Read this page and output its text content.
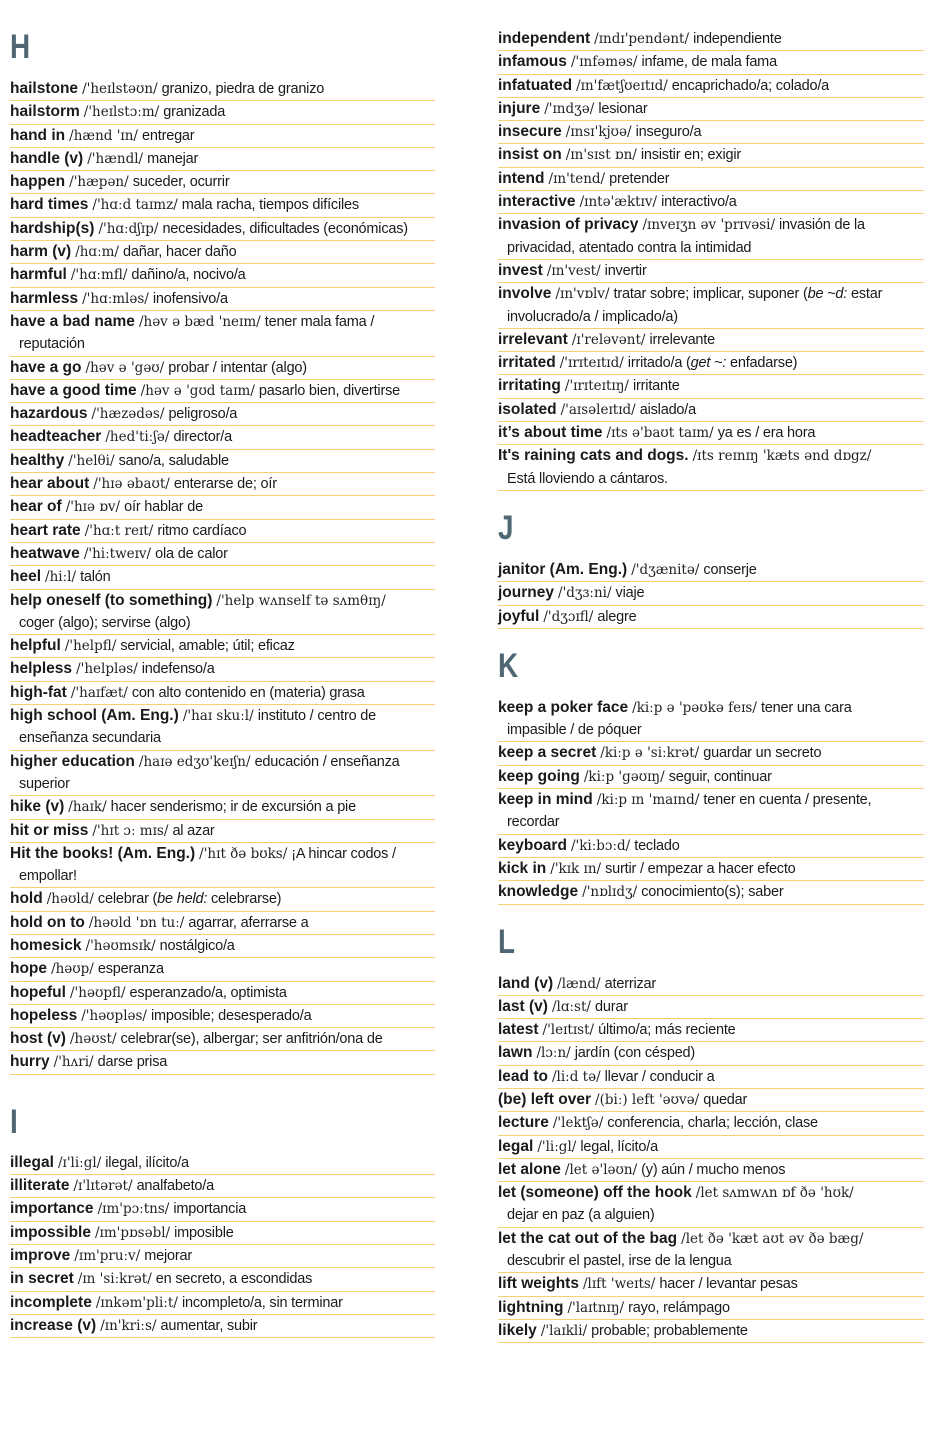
H
hailstone /'heɪlstəʊn/ granizo, piedra de granizo
hailstorm /'heɪlstɔːm/ granizada
hand in /hænd 'ɪn/ entregar
handle (v) /'hændl/ manejar
happen /'hæpən/ suceder, ocurrir
hard times /'hɑːd taɪmz/ mala racha, tiempos difíciles
hardship(s) /'hɑːdʃɪp/ necesidades, dificultades (económicas)
harm (v) /hɑːm/ dañar, hacer daño
harmful /'hɑːmfl/ dañino/a, nocivo/a
harmless /'hɑːmləs/ inofensivo/a
have a bad name /həv ə bæd 'neɪm/ tener mala fama /
reputación
have a go /həv ə 'gəʊ/ probar / intentar (algo)
have a good time /həv ə 'gʊd taɪm/ pasarlo bien, divertirse
hazardous /'hæzədəs/ peligroso/a
headteacher /hed'tiːʃə/ director/a
healthy /'helθi/ sano/a, saludable
hear about /'hɪə əbaʊt/ enterarse de; oír
hear of /'hɪə ɒv/ oír hablar de
heart rate /'hɑːt reɪt/ ritmo cardíaco
heatwave /'hiːtweɪv/ ola de calor
heel /hiːl/ talón
help oneself (to something) /'help wʌnself tə sʌmθɪŋ/
coger (algo); servirse (algo)
helpful /'helpfl/ servicial, amable; útil; eficaz
helpless /'helpləs/ indefenso/a
high-fat /'haɪfæt/ con alto contenido en (materia) grasa
high school (Am. Eng.) /'haɪ skuːl/ instituto / centro de
enseñanza secundaria
higher education /haɪə edʒʊ'keɪʃn/ educación / enseñanza
superior
hike (v) /haɪk/ hacer senderismo; ir de excursión a pie
hit or miss /'hɪt ɔː mɪs/ al azar
Hit the books! (Am. Eng.) /'hɪt ðə bʊks/ ¡A hincar codos /
empollar!
hold /həʊld/ celebrar (be held: celebrarse)
hold on to /həʊld 'ɒn tuː/ agarrar, aferrarse a
homesick /'həʊmsɪk/ nostálgico/a
hope /həʊp/ esperanza
hopeful /'həʊpfl/ esperanzado/a, optimista
hopeless /'həʊpləs/ imposible; desesperado/a
host (v) /həʊst/ celebrar(se), albergar; ser anfitrión/ona de
hurry /'hʌri/ darse prisa
I
illegal /ɪ'liːgl/ ilegal, ilícito/a
illiterate /ɪ'lɪtərət/ analfabeto/a
importance /ɪm'pɔːtns/ importancia
impossible /ɪm'pɒsəbl/ imposible
improve /ɪm'pruːv/ mejorar
in secret /ɪn 'siːkrət/ en secreto, a escondidas
incomplete /ɪnkəm'pliːt/ incompleto/a, sin terminar
increase (v) /ɪn'kriːs/ aumentar, subir
independent /ɪndɪ'pendənt/ independiente
infamous /'ɪnfəməs/ infame, de mala fama
infatuated /ɪn'fætʃʊeɪtɪd/ encaprichado/a; colado/a
injure /'ɪndʒə/ lesionar
insecure /ɪnsɪ'kjʊə/ inseguro/a
insist on /ɪn'sɪst ɒn/ insistir en; exigir
intend /ɪn'tend/ pretender
interactive /ɪntə'æktɪv/ interactivo/a
invasion of privacy /ɪnveɪʒn əv 'prɪvəsi/ invasión de la
privacidad, atentado contra la intimidad
invest /ɪn'vest/ invertir
involve /ɪn'vɒlv/ tratar sobre; implicar, suponer (be ~d: estar
involucrado/a / implicado/a)
irrelevant /ɪ'reləvənt/ irrelevante
irritated /'ɪrɪteɪtɪd/ irritado/a (get ~: enfadarse)
irritating /'ɪrɪteɪtɪŋ/ irritante
isolated /'aɪsəleɪtɪd/ aislado/a
it’s about time /ɪts ə'baʊt taɪm/ ya es / era hora
It's raining cats and dogs. /ɪts reɪnɪŋ 'kæts ənd dɒgz/
Está lloviendo a cántaros.
J
janitor (Am. Eng.) /'dʒænitə/ conserje
journey /'dʒɜːni/ viaje
joyful /'dʒɔɪfl/ alegre
K
keep a poker face /kiːp ə 'pəʊkə feɪs/ tener una cara
impasible / de póquer
keep a secret /kiːp ə 'siːkrət/ guardar un secreto
keep going /kiːp 'gəʊɪŋ/ seguir, continuar
keep in mind /kiːp ɪn 'maɪnd/ tener en cuenta / presente,
recordar
keyboard /'kiːbɔːd/ teclado
kick in /'kɪk ɪn/ surtir / empezar a hacer efecto
knowledge /'nɒlɪdʒ/ conocimiento(s); saber
L
land (v) /lænd/ aterrizar
last (v) /lɑːst/ durar
latest /'leɪtɪst/ último/a; más reciente
lawn /lɔːn/ jardín (con césped)
lead to /liːd tə/ llevar / conducir a
(be) left over /(biː) left 'əʊvə/ quedar
lecture /'lektʃə/ conferencia, charla; lección, clase
legal /'liːgl/ legal, lícito/a
let alone /let ə'ləʊn/ (y) aún / mucho menos
let (someone) off the hook /let sʌmwʌn ɒf ðə 'hʊk/
dejar en paz (a alguien)
let the cat out of the bag /let ðə 'kæt aʊt əv ðə bæg/
descubrir el pastel, irse de la lengua
lift weights /lɪft 'weɪts/ hacer / levantar pesas
lightning /'laɪtnɪŋ/ rayo, relámpago
likely /'laɪkli/ probable; probablemente
